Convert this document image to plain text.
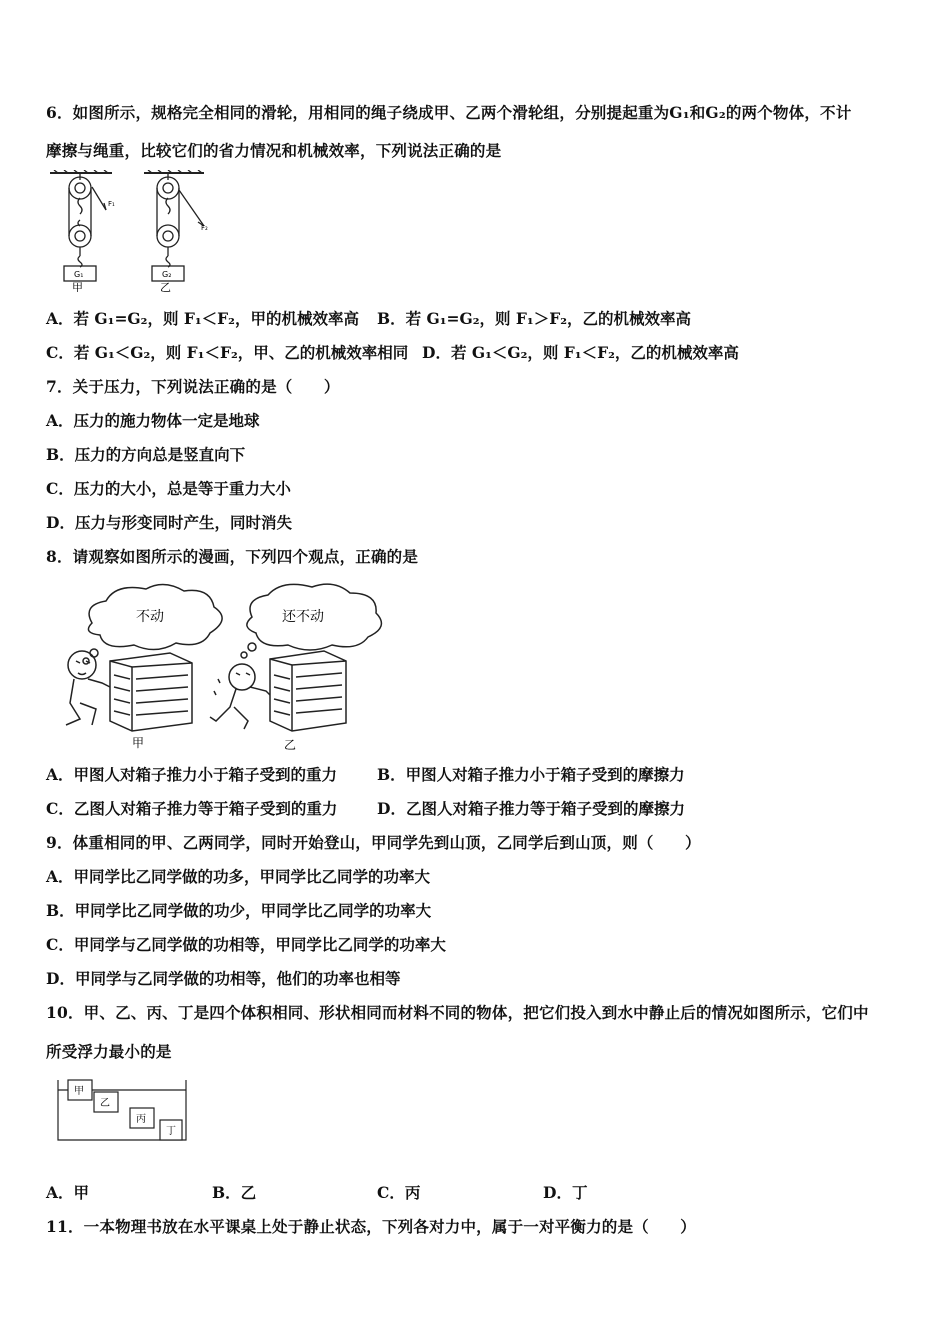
6．如图所示，规格完全相同的滑轮，用相同的绳子绕成甲、乙两个滑轮组，分别提起重为G₁和G₂的两个物体，不计
摩擦与绳重，比较它们的省力情况和机械效率，下列说法正确的是
F₁
F₂
G₁	G₂
甲	乙
A．若 G₁=G₂，则 F₁＜F₂，甲的机械效率高 B．若 G₁=G₂，则 F₁＞F₂，乙的机械效率高
C．若 G₁＜G₂，则 F₁＜F₂，甲、乙的机械效率相同 D．若 G₁＜G₂，则 F₁＜F₂，乙的机械效率高
7．关于压力，下列说法正确的是（　　）
A．压力的施力物体一定是地球
B．压力的方向总是竖直向下
C．压力的大小，总是等于重力大小
D．压力与形变同时产生，同时消失
8．请观察如图所示的漫画，下列四个观点，正确的是
不动	还不动
甲	乙
A．甲图人对箱子推力小于箱子受到的重力	B．甲图人对箱子推力小于箱子受到的摩擦力
C．乙图人对箱子推力等于箱子受到的重力	D．乙图人对箱子推力等于箱子受到的摩擦力
9．体重相同的甲、乙两同学，同时开始登山，甲同学先到山顶，乙同学后到山顶，则（　　）
A．甲同学比乙同学做的功多，甲同学比乙同学的功率大
B．甲同学比乙同学做的功少，甲同学比乙同学的功率大
C．甲同学与乙同学做的功相等，甲同学比乙同学的功率大
D．甲同学与乙同学做的功相等，他们的功率也相等
10．甲、乙、丙、丁是四个体积相同、形状相同而材料不同的物体，把它们投入到水中静止后的情况如图所示，它们中
所受浮力最小的是
甲
乙
丙
丁
A．甲	B．乙	C．丙	D．丁
11．一本物理书放在水平课桌上处于静止状态，下列各对力中，属于一对平衡力的是（　　）
